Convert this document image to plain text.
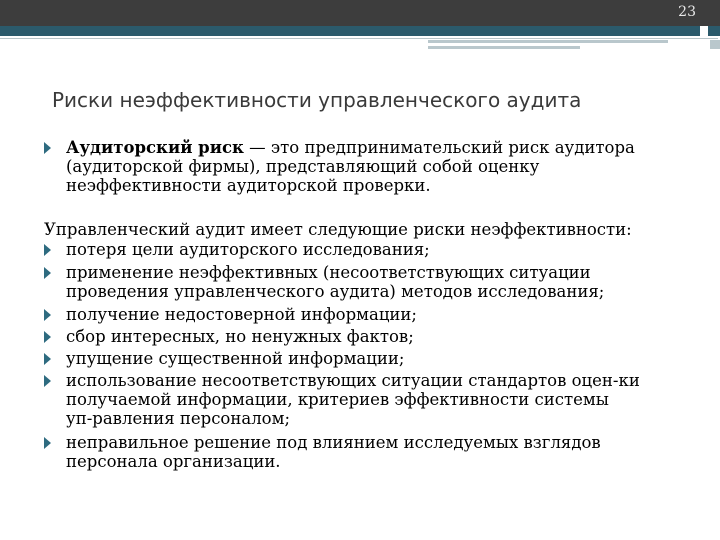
23
Риски неэффективности управленческого аудита
Аудиторский риск — это предпринимательский риск аудитора
(аудиторской фирмы), представляющий собой оценку
неэффективности аудиторской проверки.
Управленческий аудит имеет следующие риски неэффективности:
потеря цели аудиторского исследования;
применение неэффективных (несоответствующих ситуации
проведения управленческого аудита) методов исследования;
получение недостоверной информации;
сбор интересных, но ненужных фактов;
упущение существенной информации;
использование несоответствующих ситуации стандартов оцен-ки
получаемой информации, критериев эффективности системы
уп-равления персоналом;
неправильное решение под влиянием исследуемых взглядов
персонала организации.
